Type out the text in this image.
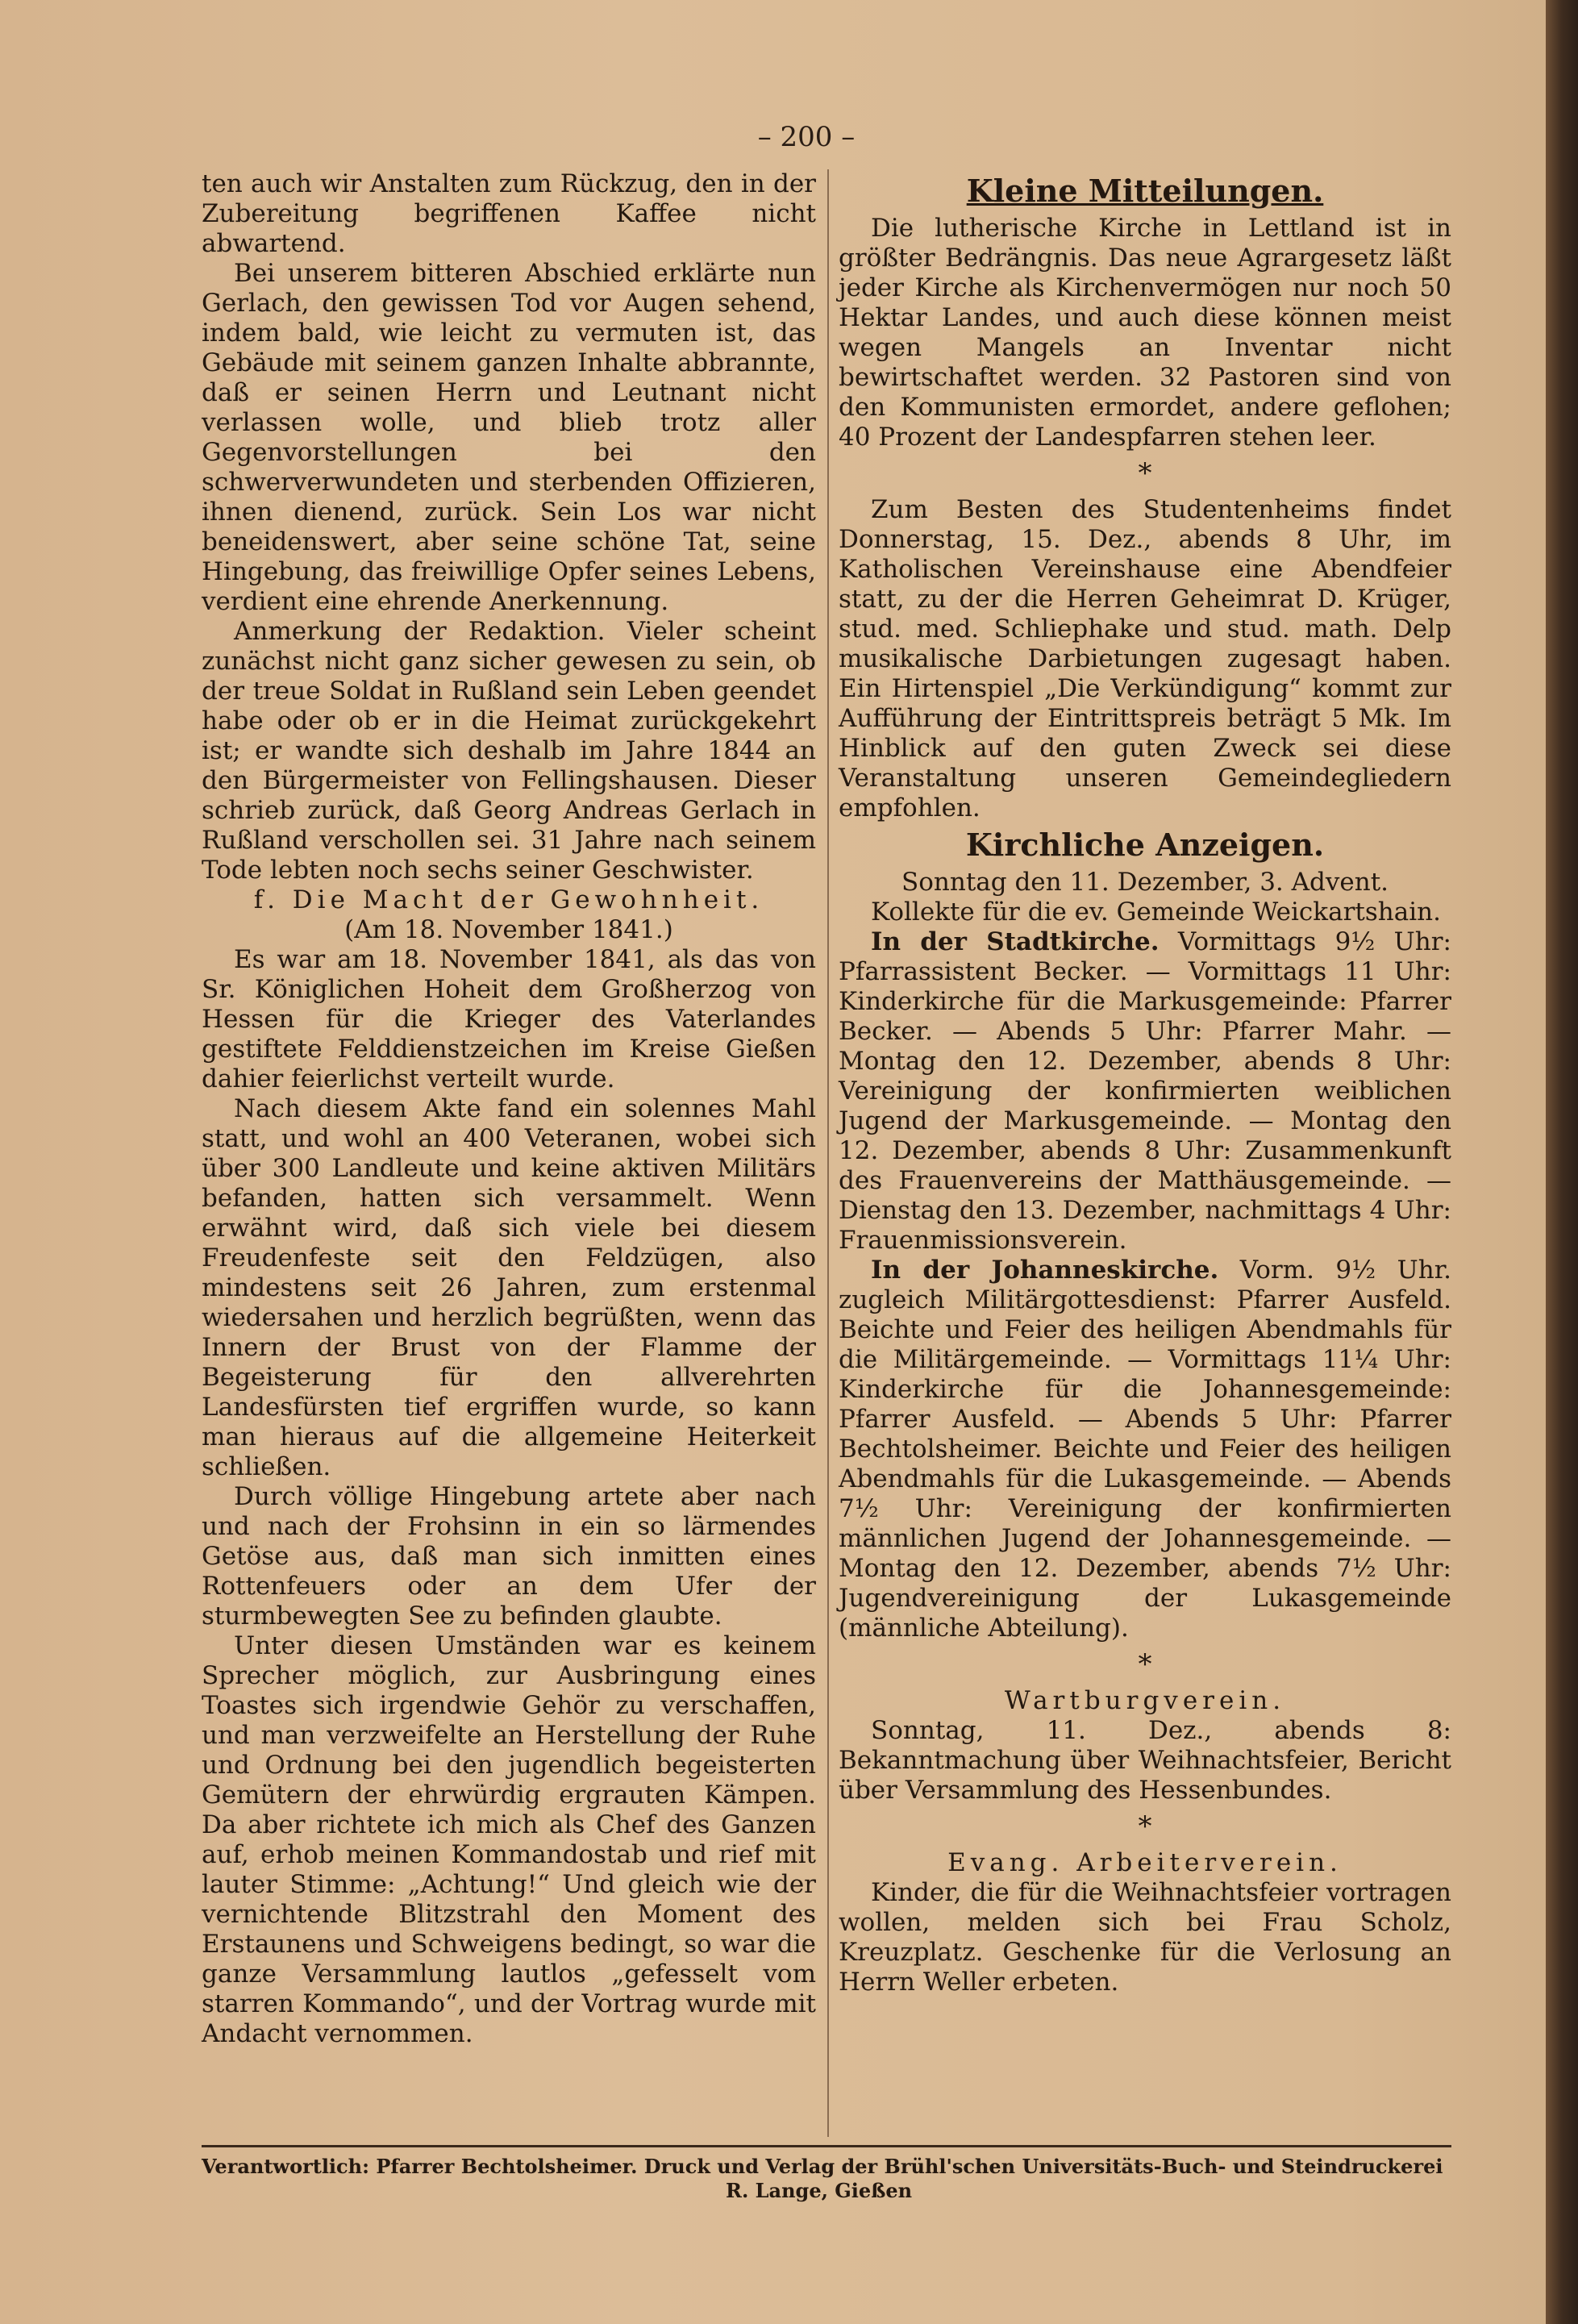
– 200 –

ten auch wir Anstalten zum Rückzug, den in der Zubereitung begriffenen Kaffee nicht abwartend.

Bei unserem bitteren Abschied erklärte nun Gerlach, den gewissen Tod vor Augen sehend, indem bald, wie leicht zu vermuten ist, das Gebäude mit seinem ganzen Inhalte abbrannte, daß er seinen Herrn und Leutnant nicht verlassen wolle, und blieb trotz aller Gegenvorstellungen bei den schwerverwundeten und sterbenden Offizieren, ihnen dienend, zurück. Sein Los war nicht beneidenswert, aber seine schöne Tat, seine Hingebung, das freiwillige Opfer seines Lebens, verdient eine ehrende Anerkennung.

Anmerkung der Redaktion. Vieler scheint zunächst nicht ganz sicher gewesen zu sein, ob der treue Soldat in Rußland sein Leben geendet habe oder ob er in die Heimat zurückgekehrt ist; er wandte sich deshalb im Jahre 1844 an den Bürgermeister von Fellingshausen. Dieser schrieb zurück, daß Georg Andreas Gerlach in Rußland verschollen sei. 31 Jahre nach seinem Tode lebten noch sechs seiner Geschwister.

f. Die Macht der Gewohnheit.

(Am 18. November 1841.)

Es war am 18. November 1841, als das von Sr. Königlichen Hoheit dem Großherzog von Hessen für die Krieger des Vaterlandes gestiftete Felddienstzeichen im Kreise Gießen dahier feierlichst verteilt wurde.

Nach diesem Akte fand ein solennes Mahl statt, und wohl an 400 Veteranen, wobei sich über 300 Landleute und keine aktiven Militärs befanden, hatten sich versammelt. Wenn erwähnt wird, daß sich viele bei diesem Freudenfeste seit den Feldzügen, also mindestens seit 26 Jahren, zum erstenmal wiedersahen und herzlich begrüßten, wenn das Innern der Brust von der Flamme der Begeisterung für den allverehrten Landesfürsten tief ergriffen wurde, so kann man hieraus auf die allgemeine Heiterkeit schließen.

Durch völlige Hingebung artete aber nach und nach der Frohsinn in ein so lärmendes Getöse aus, daß man sich inmitten eines Rottenfeuers oder an dem Ufer der sturmbewegten See zu befinden glaubte.

Unter diesen Umständen war es keinem Sprecher möglich, zur Ausbringung eines Toastes sich irgendwie Gehör zu verschaffen, und man verzweifelte an Herstellung der Ruhe und Ordnung bei den jugendlich begeisterten Gemütern der ehrwürdig ergrauten Kämpen. Da aber richtete ich mich als Chef des Ganzen auf, erhob meinen Kommandostab und rief mit lauter Stimme: „Achtung!“ Und gleich wie der vernichtende Blitzstrahl den Moment des Erstaunens und Schweigens bedingt, so war die ganze Versammlung lautlos „gefesselt vom starren Kommando“, und der Vortrag wurde mit Andacht vernommen.

Kleine Mitteilungen.

Die lutherische Kirche in Lettland ist in größter Bedrängnis. Das neue Agrargesetz läßt jeder Kirche als Kirchenvermögen nur noch 50 Hektar Landes, und auch diese können meist wegen Mangels an Inventar nicht bewirtschaftet werden. 32 Pastoren sind von den Kommunisten ermordet, andere geflohen; 40 Prozent der Landespfarren stehen leer.

*

Zum Besten des Studentenheims findet Donnerstag, 15. Dez., abends 8 Uhr, im Katholischen Vereinshause eine Abendfeier statt, zu der die Herren Geheimrat D. Krüger, stud. med. Schliephake und stud. math. Delp musikalische Darbietungen zugesagt haben. Ein Hirtenspiel „Die Verkündigung“ kommt zur Aufführung der Eintrittspreis beträgt 5 Mk. Im Hinblick auf den guten Zweck sei diese Veranstaltung unseren Gemeindegliedern empfohlen.

Kirchliche Anzeigen.

Sonntag den 11. Dezember, 3. Advent.

Kollekte für die ev. Gemeinde Weickartshain.

In der Stadtkirche. Vormittags 9½ Uhr: Pfarrassistent Becker. — Vormittags 11 Uhr: Kinderkirche für die Markusgemeinde: Pfarrer Becker. — Abends 5 Uhr: Pfarrer Mahr. — Montag den 12. Dezember, abends 8 Uhr: Vereinigung der konfirmierten weiblichen Jugend der Markusgemeinde. — Montag den 12. Dezember, abends 8 Uhr: Zusammenkunft des Frauenvereins der Matthäusgemeinde. — Dienstag den 13. Dezember, nachmittags 4 Uhr: Frauenmissionsverein.

In der Johanneskirche. Vorm. 9½ Uhr. zugleich Militärgottesdienst: Pfarrer Ausfeld. Beichte und Feier des heiligen Abendmahls für die Militärgemeinde. — Vormittags 11¼ Uhr: Kinderkirche für die Johannesgemeinde: Pfarrer Ausfeld. — Abends 5 Uhr: Pfarrer Bechtolsheimer. Beichte und Feier des heiligen Abendmahls für die Lukasgemeinde. — Abends 7½ Uhr: Vereinigung der konfirmierten männlichen Jugend der Johannesgemeinde. — Montag den 12. Dezember, abends 7½ Uhr: Jugendvereinigung der Lukasgemeinde (männliche Abteilung).

*

Wartburgverein.

Sonntag, 11. Dez., abends 8: Bekanntmachung über Weihnachtsfeier, Bericht über Versammlung des Hessenbundes.

*

Evang. Arbeiterverein.

Kinder, die für die Weihnachtsfeier vortragen wollen, melden sich bei Frau Scholz, Kreuzplatz. Geschenke für die Verlosung an Herrn Weller erbeten.

Verantwortlich: Pfarrer Bechtolsheimer. Druck und Verlag der Brühl'schen Universitäts-Buch- und Steindruckerei
R. Lange, Gießen
